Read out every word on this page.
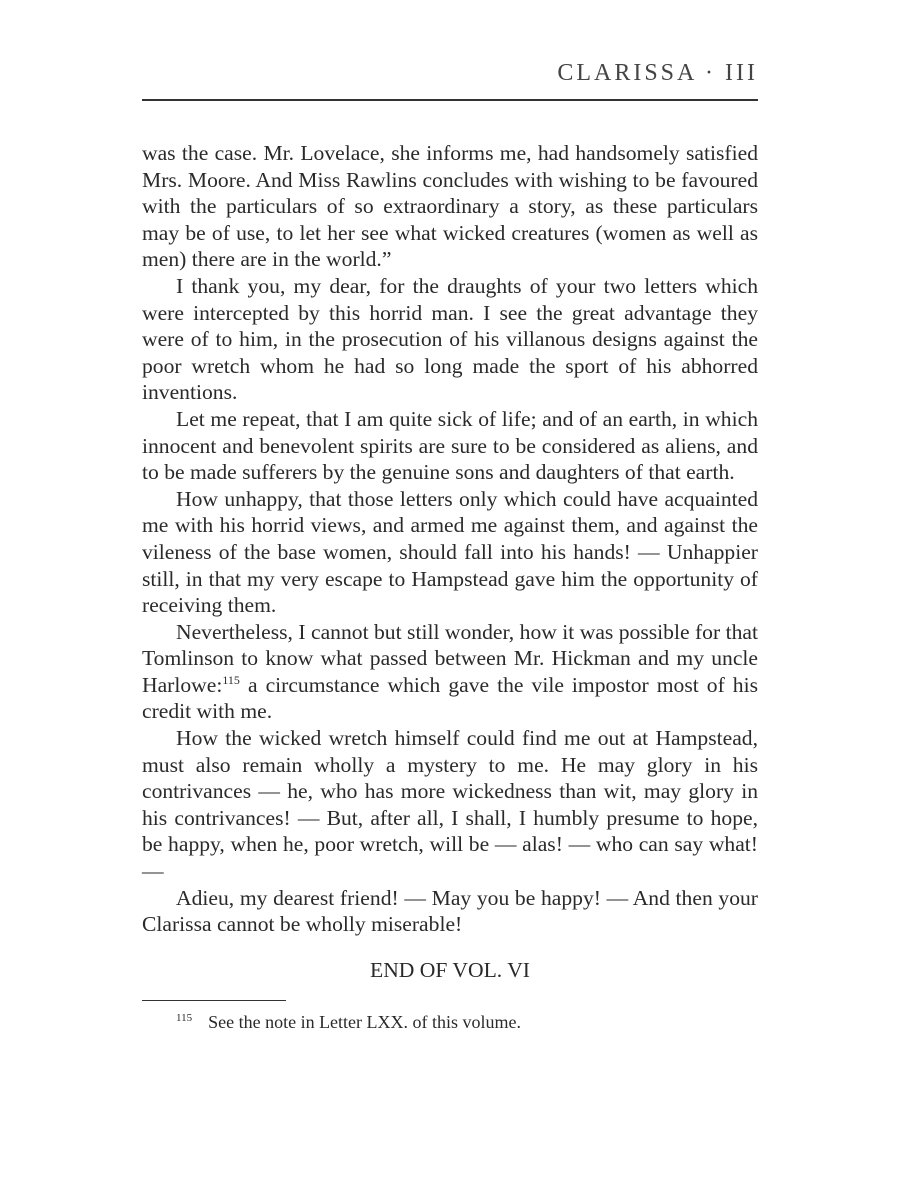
CLARISSA · III

was the case. Mr. Lovelace, she informs me, had handsomely satisfied Mrs. Moore. And Miss Rawlins concludes with wishing to be favoured with the particulars of so extraordinary a story, as these particulars may be of use, to let her see what wicked creatures (women as well as men) there are in the world.”

I thank you, my dear, for the draughts of your two letters which were intercepted by this horrid man. I see the great advantage they were of to him, in the prosecution of his villanous designs against the poor wretch whom he had so long made the sport of his abhorred inventions.

Let me repeat, that I am quite sick of life; and of an earth, in which innocent and benevolent spirits are sure to be considered as aliens, and to be made sufferers by the genuine sons and daughters of that earth.

How unhappy, that those letters only which could have acquainted me with his horrid views, and armed me against them, and against the vileness of the base women, should fall into his hands! — Unhappier still, in that my very escape to Hampstead gave him the opportunity of receiving them.

Nevertheless, I cannot but still wonder, how it was possible for that Tomlinson to know what passed between Mr. Hickman and my uncle Harlowe:$^{115}$ a circumstance which gave the vile impostor most of his credit with me.

How the wicked wretch himself could find me out at Hampstead, must also remain wholly a mystery to me. He may glory in his contrivances — he, who has more wickedness than wit, may glory in his contrivances! — But, after all, I shall, I humbly presume to hope, be happy, when he, poor wretch, will be — alas! — who can say what! —

Adieu, my dearest friend! — May you be happy! — And then your Clarissa cannot be wholly miserable!

END OF VOL. VI
$^{115}$ See the note in Letter LXX. of this volume.
